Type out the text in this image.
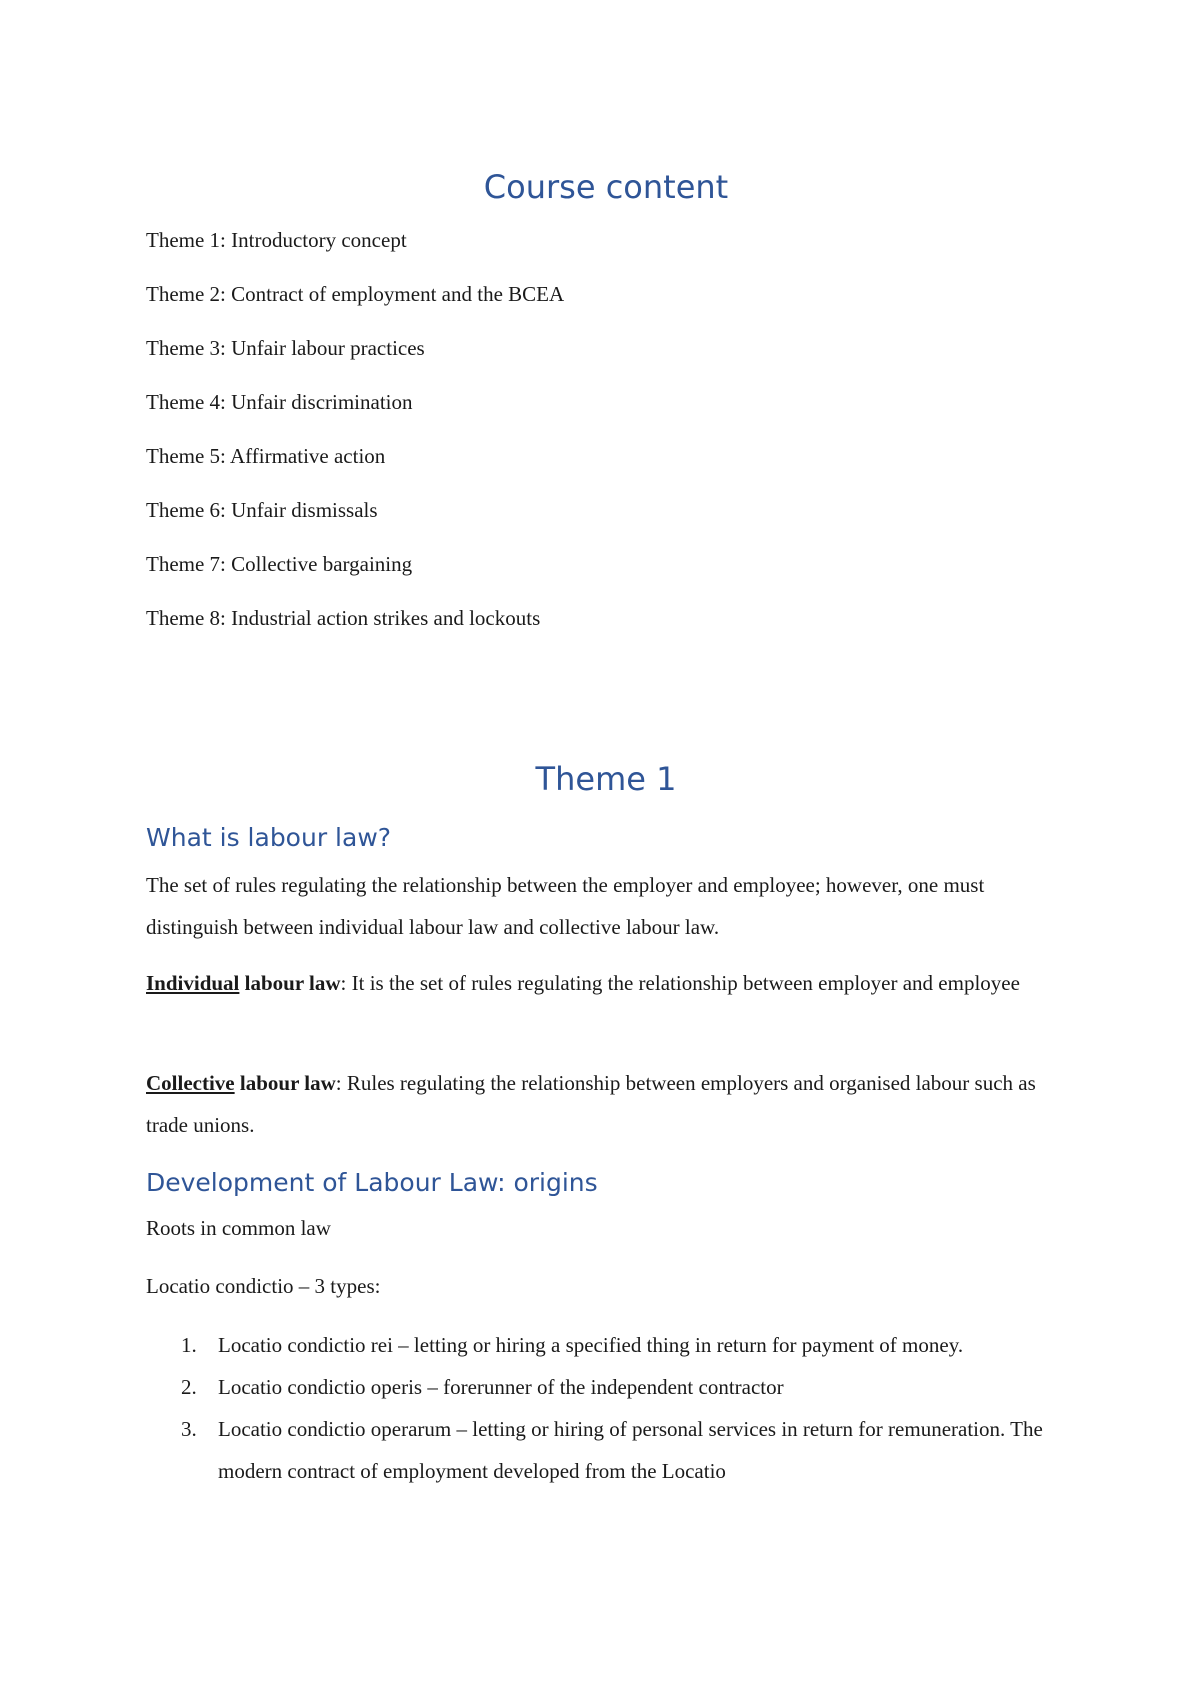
Course content

Theme 1: Introductory concept

Theme 2: Contract of employment and the BCEA

Theme 3: Unfair labour practices

Theme 4: Unfair discrimination

Theme 5: Affirmative action

Theme 6: Unfair dismissals

Theme 7: Collective bargaining

Theme 8: Industrial action strikes and lockouts

Theme 1
What is labour law?

The set of rules regulating the relationship between the employer and employee; however, one must distinguish between individual labour law and collective labour law.

Individual labour law: It is the set of rules regulating the relationship between employer and employee

Collective labour law: Rules regulating the relationship between employers and organised labour such as trade unions.

Development of Labour Law: origins

Roots in common law

Locatio condictio – 3 types:

1. Locatio condictio rei – letting or hiring a specified thing in return for payment of money.
2. Locatio condictio operis – forerunner of the independent contractor
3. Locatio condictio operarum – letting or hiring of personal services in return for remuneration. The modern contract of employment developed from the Locatio
